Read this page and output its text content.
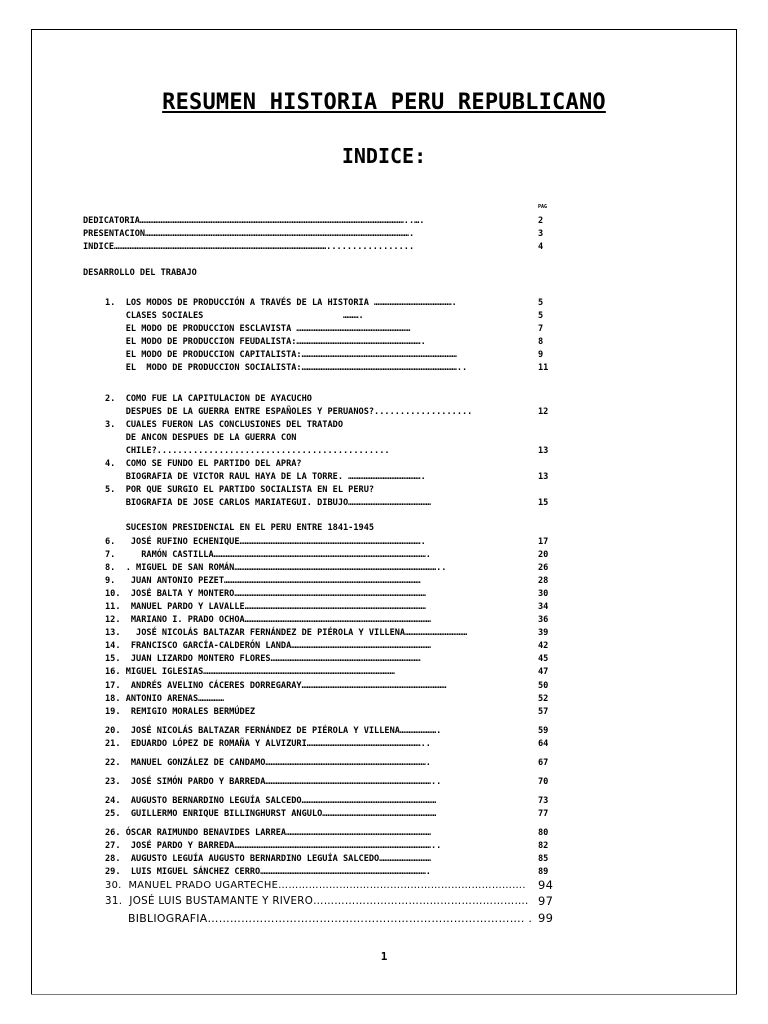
RESUMEN HISTORIA PERU REPUBLICANO
INDICE:
PAG
DEDICATORIA………………………………………………………………………………………………………………………………………..….	2
PRESENTACION……………………………………………………………………………………………………………………………………….	3
INDICE…………………………………………………………………………………………………………….................	4
DESARROLLO DEL TRABAJO
1.  LOS MODOS DE PRODUCCIÓN A TRAVÉS DE LA HISTORIA ……………………………………….	5
CLASES SOCIALES                           ……….	5
EL MODO DE PRODUCCION ESCLAVISTA …………………………………………………………	7
EL MODO DE PRODUCCION FEUDALISTA:……………………………………………………………….	8
EL MODO DE PRODUCCION CAPITALISTA:………………………………………………………………………………	9
EL  MODO DE PRODUCCION SOCIALISTA:………………………………………………………………………………..	11
2.  COMO FUE LA CAPITULACION DE AYACUCHO
DESPUES DE LA GUERRA ENTRE ESPAÑOLES Y PERUANOS?...................	12
3.  CUALES FUERON LAS CONCLUSIONES DEL TRATADO
DE ANCON DESPUES DE LA GUERRA CON
CHILE?.............................................	13
4.  COMO SE FUNDO EL PARTIDO DEL APRA?
BIOGRAFIA DE VICTOR RAUL HAYA DE LA TORRE. …………………………………….	13
5.  POR QUE SURGIO EL PARTIDO SOCIALISTA EN EL PERU?
BIOGRAFIA DE JOSE CARLOS MARIATEGUI. DIBUJO…………………………………………	15
SUCESION PRESIDENCIAL EN EL PERU ENTRE 1841-1945
6.   JOSÉ RUFINO ECHENIQUE…………………………………………………………………………………………….	17
7.     RAMÓN CASTILLA…………………………………………………………………………………………………………….	20
8.  . MIGUEL DE SAN ROMÁN………………………………………………………………………………………………………..	26
9.   JUAN ANTONIO PEZET……………………………………………………………………………………………………	28
10.  JOSÉ BALTA Y MONTERO…………………………………………………………………………………………………	30
11.  MANUEL PARDO Y LAVALLE……………………………………………………………………………………………	34
12.  MARIANO I. PRADO OCHOA………………………………………………………………………………………………	36
13.   JOSÉ NICOLÁS BALTAZAR FERNÁNDEZ DE PIÉROLA Y VILLENA………………………………	39
14.  FRANCISCO GARCÍA-CALDERÓN LANDA………………………………………………………………………	42
15.  JUAN LIZARDO MONTERO FLORES……………………………………………………………………………	45
16. MIGUEL IGLESIAS…………………………………………………………………………………………………	47
17.  ANDRÉS AVELINO CÁCERES DORREGARAY…………………………………………………………………………	50
18. ANTONIO ARENAS……………	52
19.  REMIGIO MORALES BERMÚDEZ	57
20.  JOSÉ NICOLÁS BALTAZAR FERNÁNDEZ DE PIÉROLA Y VILLENA………………….	59
21.  EDUARDO LÓPEZ DE ROMAÑA Y ALVIZURI…………………………………………………………..	64
22.  MANUEL GONZÁLEZ DE CANDAMO………………………………………………………………………………….	67
23.  JOSÉ SIMÓN PARDO Y BARREDA……………………………………………………………………………………..	70
24.  AUGUSTO BERNARDINO LEGUÍA SALCEDO……………………………………………………………………	73
25.  GUILLERMO ENRIQUE BILLINGHURST ANGULO…………………………………………………………	77
26. ÓSCAR RAIMUNDO BENAVIDES LARREA…………………………………………………………………………	80
27.  JOSÉ PARDO Y BARREDA……………………………………………………………………………………………………..	82
28.  AUGUSTO LEGUÍA AUGUSTO BERNARDINO LEGUÍA SALCEDO…………………………	85
29.  LUIS MIGUEL SÁNCHEZ CERRO…………………………………………………………………………………….	89
30.  MANUEL PRADO UGARTECHE………………………………………………………………. 94
31.  JOSÉ LUIS BUSTAMANTE Y RIVERO……………………………………………………. 97
BIBLIOGRAFIA…………………………………………………………………………. . 99
1
